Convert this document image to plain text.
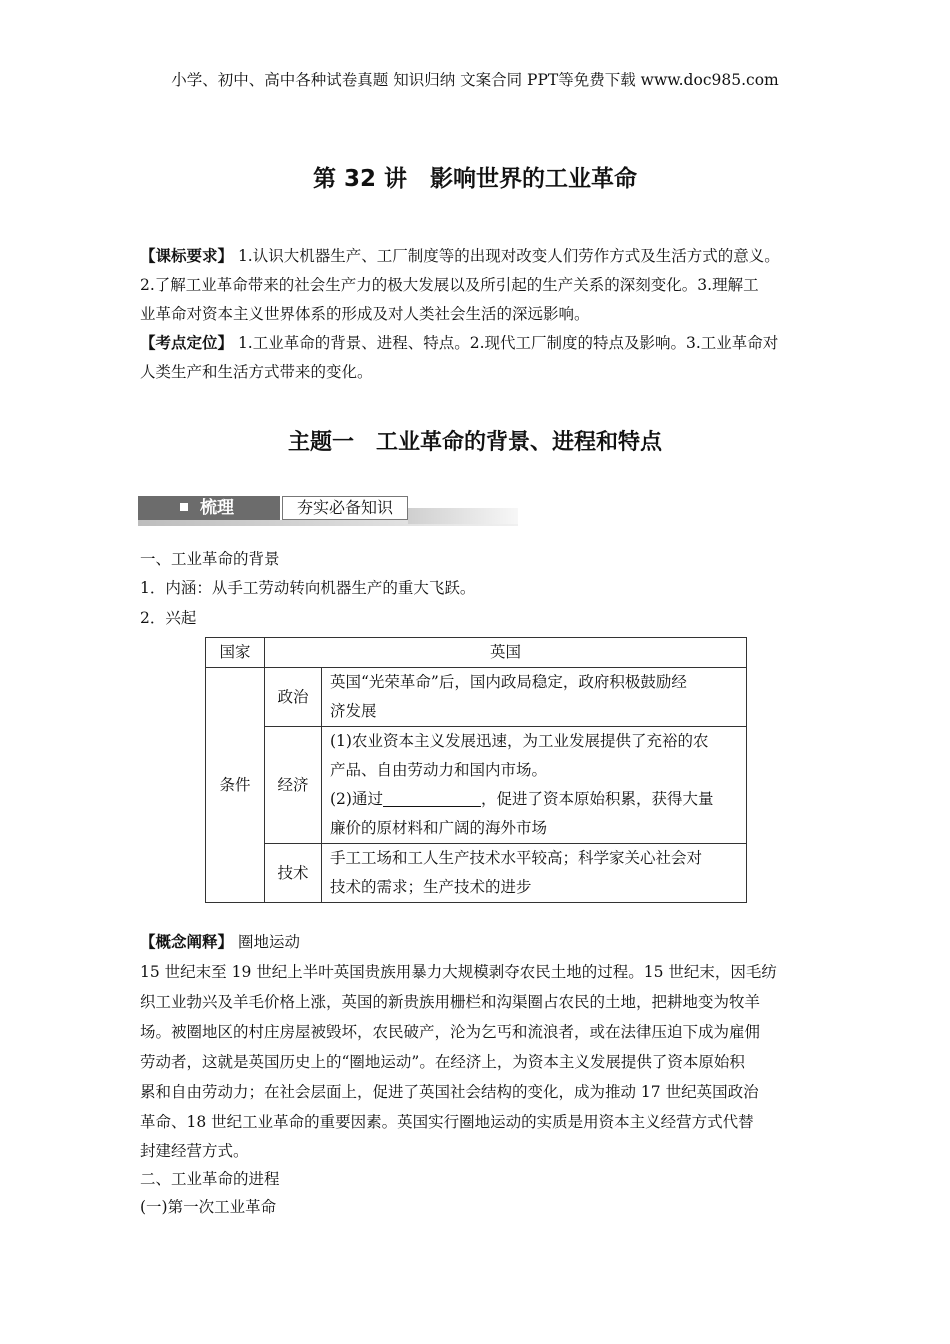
小学、初中、高中各种试卷真题 知识归纳 文案合同 PPT等免费下载 www.doc985.com
第 32 讲　影响世界的工业革命
【课标要求】 1.认识大机器生产、工厂制度等的出现对改变人们劳作方式及生活方式的意义。
2.了解工业革命带来的社会生产力的极大发展以及所引起的生产关系的深刻变化。3.理解工
业革命对资本主义世界体系的形成及对人类社会生活的深远影响。
【考点定位】 1.工业革命的背景、进程、特点。2.现代工厂制度的特点及影响。3.工业革命对
人类生产和生活方式带来的变化。
主题一　工业革命的背景、进程和特点
梳理	夯实必备知识
一、工业革命的背景
1．内涵：从手工劳动转向机器生产的重大飞跃。
2．兴起
国家	英国	
条件	政治	英国“光荣革命”后，国内政局稳定，政府积极鼓励经
济发展

	经济	(1)农业资本主义发展迅速，为工业发展提供了充裕的农
产品、自由劳动力和国内市场。
(2)通过 ，促进了资本原始积累，获得大量
廉价的原材料和广阔的海外市场

	技术	手工工场和工人生产技术水平较高；科学家关心社会对
技术的需求；生产技术的进步
【概念阐释】 圈地运动
15 世纪末至 19 世纪上半叶英国贵族用暴力大规模剥夺农民土地的过程。15 世纪末，因毛纺
织工业勃兴及羊毛价格上涨，英国的新贵族用栅栏和沟渠圈占农民的土地，把耕地变为牧羊
场。被圈地区的村庄房屋被毁坏，农民破产，沦为乞丐和流浪者，或在法律压迫下成为雇佣
劳动者，这就是英国历史上的“圈地运动”。在经济上，为资本主义发展提供了资本原始积
累和自由劳动力；在社会层面上，促进了英国社会结构的变化，成为推动 17 世纪英国政治
革命、18 世纪工业革命的重要因素。英国实行圈地运动的实质是用资本主义经营方式代替
封建经营方式。
二、工业革命的进程
(一)第一次工业革命
